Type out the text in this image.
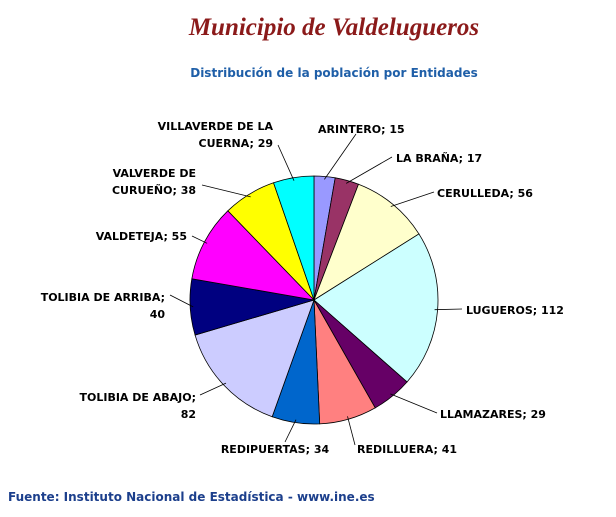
Municipio de Valdelugueros
Distribución de la población por Entidades
ARINTERO; 15
LA BRAÑA; 17
CERULLEDA; 56
LUGUEROS; 112
LLAMAZARES; 29
REDILLUERA; 41
REDIPUERTAS; 34
TOLIBIA DE ABAJO; 82
TOLIBIA DE ARRIBA; 40
VALDETEJA; 55
VALVERDE DE CURUEÑO; 38
VILLAVERDE DE LA CUERNA; 29
Fuente: Instituto Nacional de Estadística - www.ine.es
